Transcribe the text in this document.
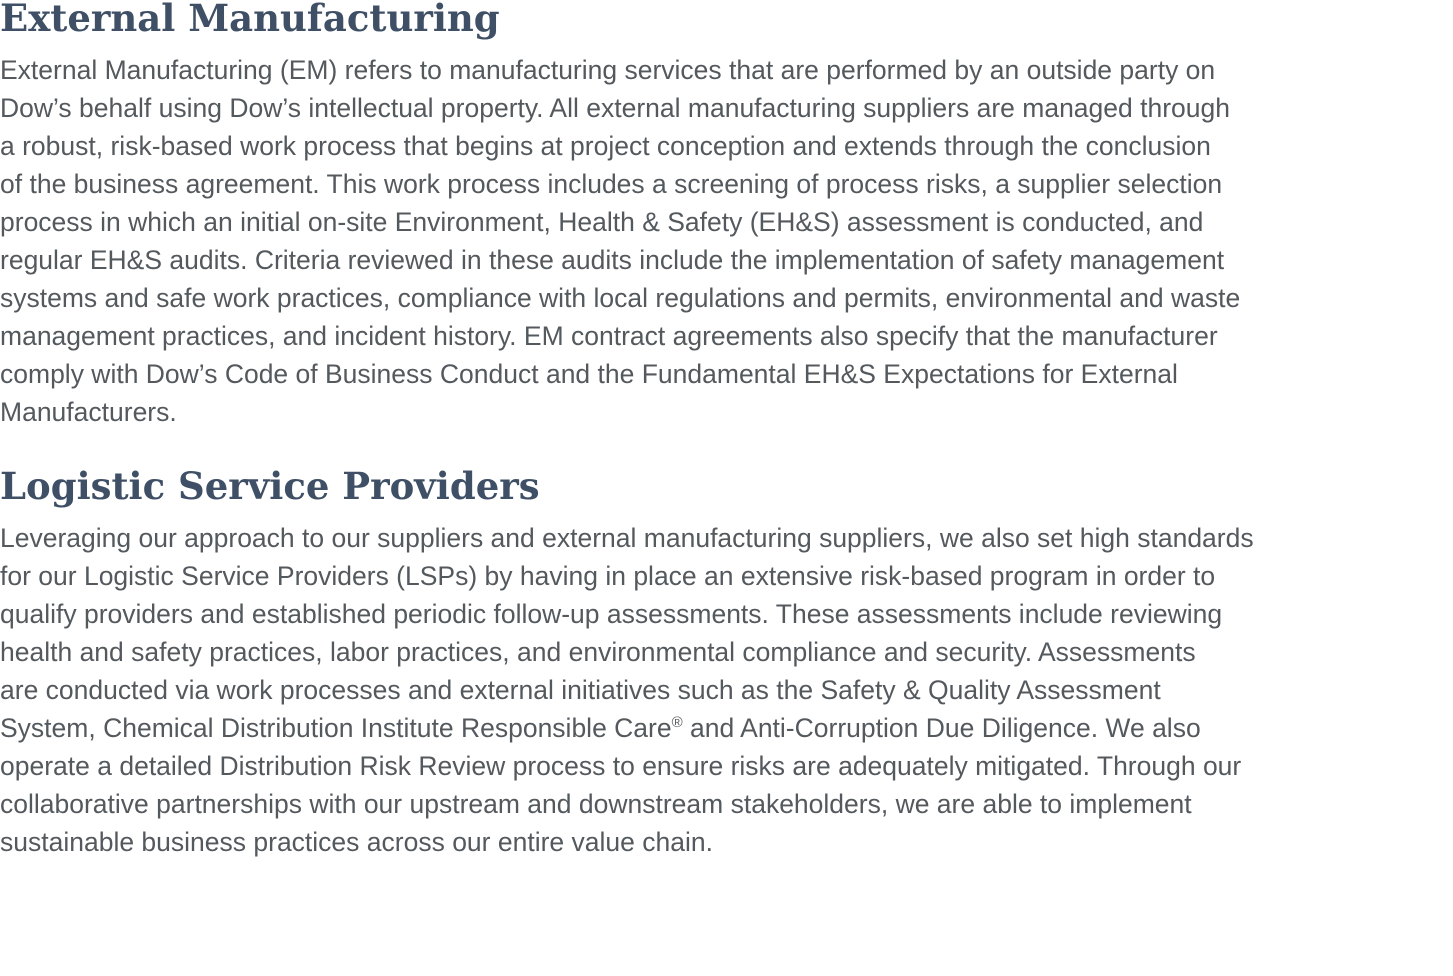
External Manufacturing

External Manufacturing (EM) refers to manufacturing services that are performed by an outside party on
Dow’s behalf using Dow’s intellectual property. All external manufacturing suppliers are managed through
a robust, risk-based work process that begins at project conception and extends through the conclusion
of the business agreement. This work process includes a screening of process risks, a supplier selection
process in which an initial on-site Environment, Health & Safety (EH&S) assessment is conducted, and
regular EH&S audits. Criteria reviewed in these audits include the implementation of safety management
systems and safe work practices, compliance with local regulations and permits, environmental and waste
management practices, and incident history. EM contract agreements also specify that the manufacturer
comply with Dow’s Code of Business Conduct and the Fundamental EH&S Expectations for External
Manufacturers.

Logistic Service Providers

Leveraging our approach to our suppliers and external manufacturing suppliers, we also set high standards
for our Logistic Service Providers (LSPs) by having in place an extensive risk-based program in order to
qualify providers and established periodic follow-up assessments. These assessments include reviewing
health and safety practices, labor practices, and environmental compliance and security. Assessments
are conducted via work processes and external initiatives such as the Safety & Quality Assessment
System, Chemical Distribution Institute Responsible Care® and Anti-Corruption Due Diligence. We also
operate a detailed Distribution Risk Review process to ensure risks are adequately mitigated. Through our
collaborative partnerships with our upstream and downstream stakeholders, we are able to implement
sustainable business practices across our entire value chain.
